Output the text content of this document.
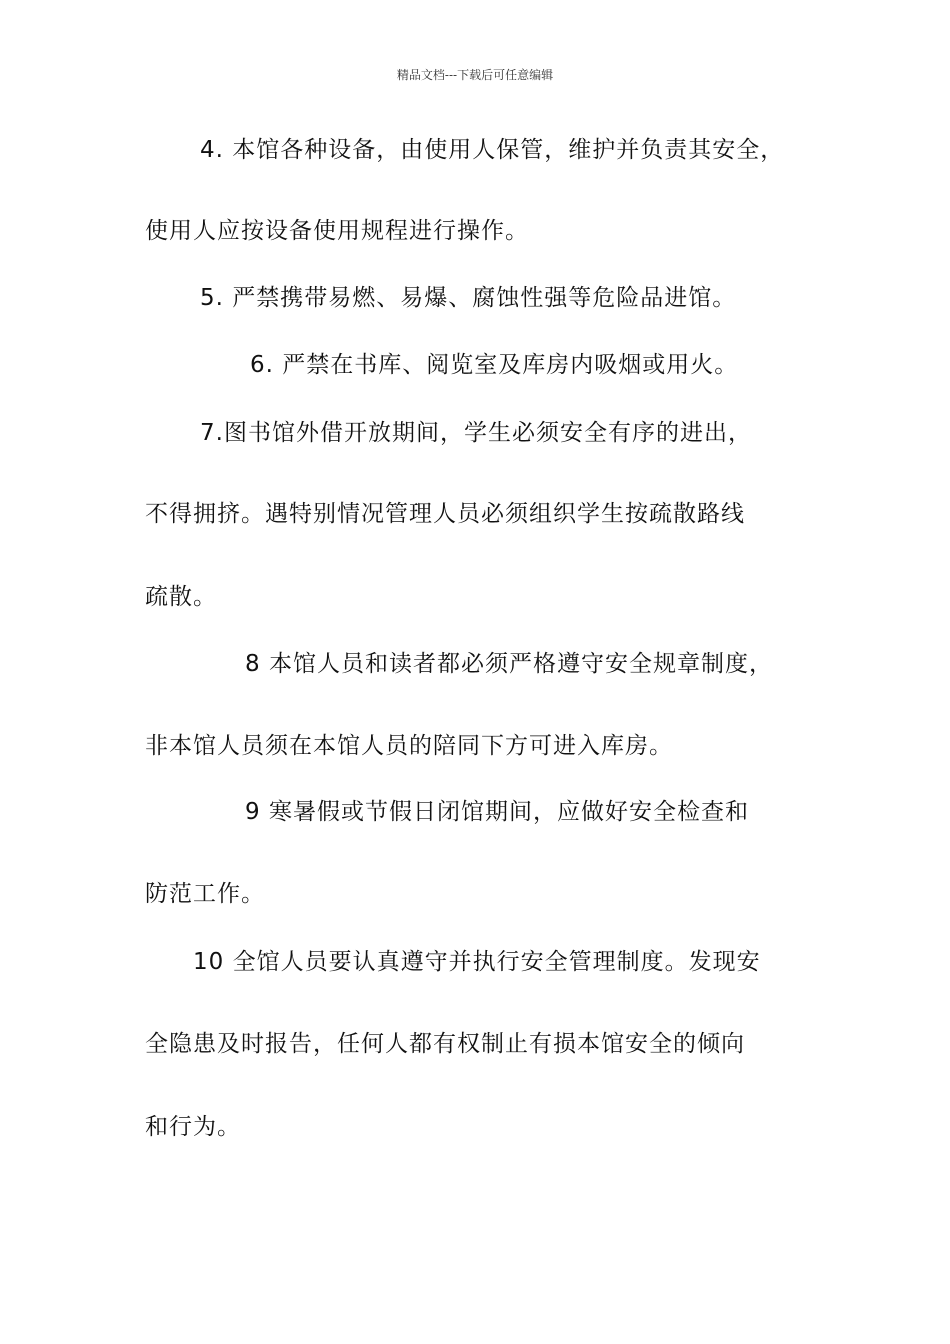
精品文档---下载后可任意编辑
4. 本馆各种设备，由使用人保管，维护并负责其安全，
使用人应按设备使用规程进行操作。
5. 严禁携带易燃、易爆、腐蚀性强等危险品进馆。
6. 严禁在书库、阅览室及库房内吸烟或用火。
7.图书馆外借开放期间，学生必须安全有序的进出，
不得拥挤。遇特别情况管理人员必须组织学生按疏散路线
疏散。
8 本馆人员和读者都必须严格遵守安全规章制度，
非本馆人员须在本馆人员的陪同下方可进入库房。
9 寒暑假或节假日闭馆期间，应做好安全检查和
防范工作。
10 全馆人员要认真遵守并执行安全管理制度。发现安
全隐患及时报告，任何人都有权制止有损本馆安全的倾向
和行为。
